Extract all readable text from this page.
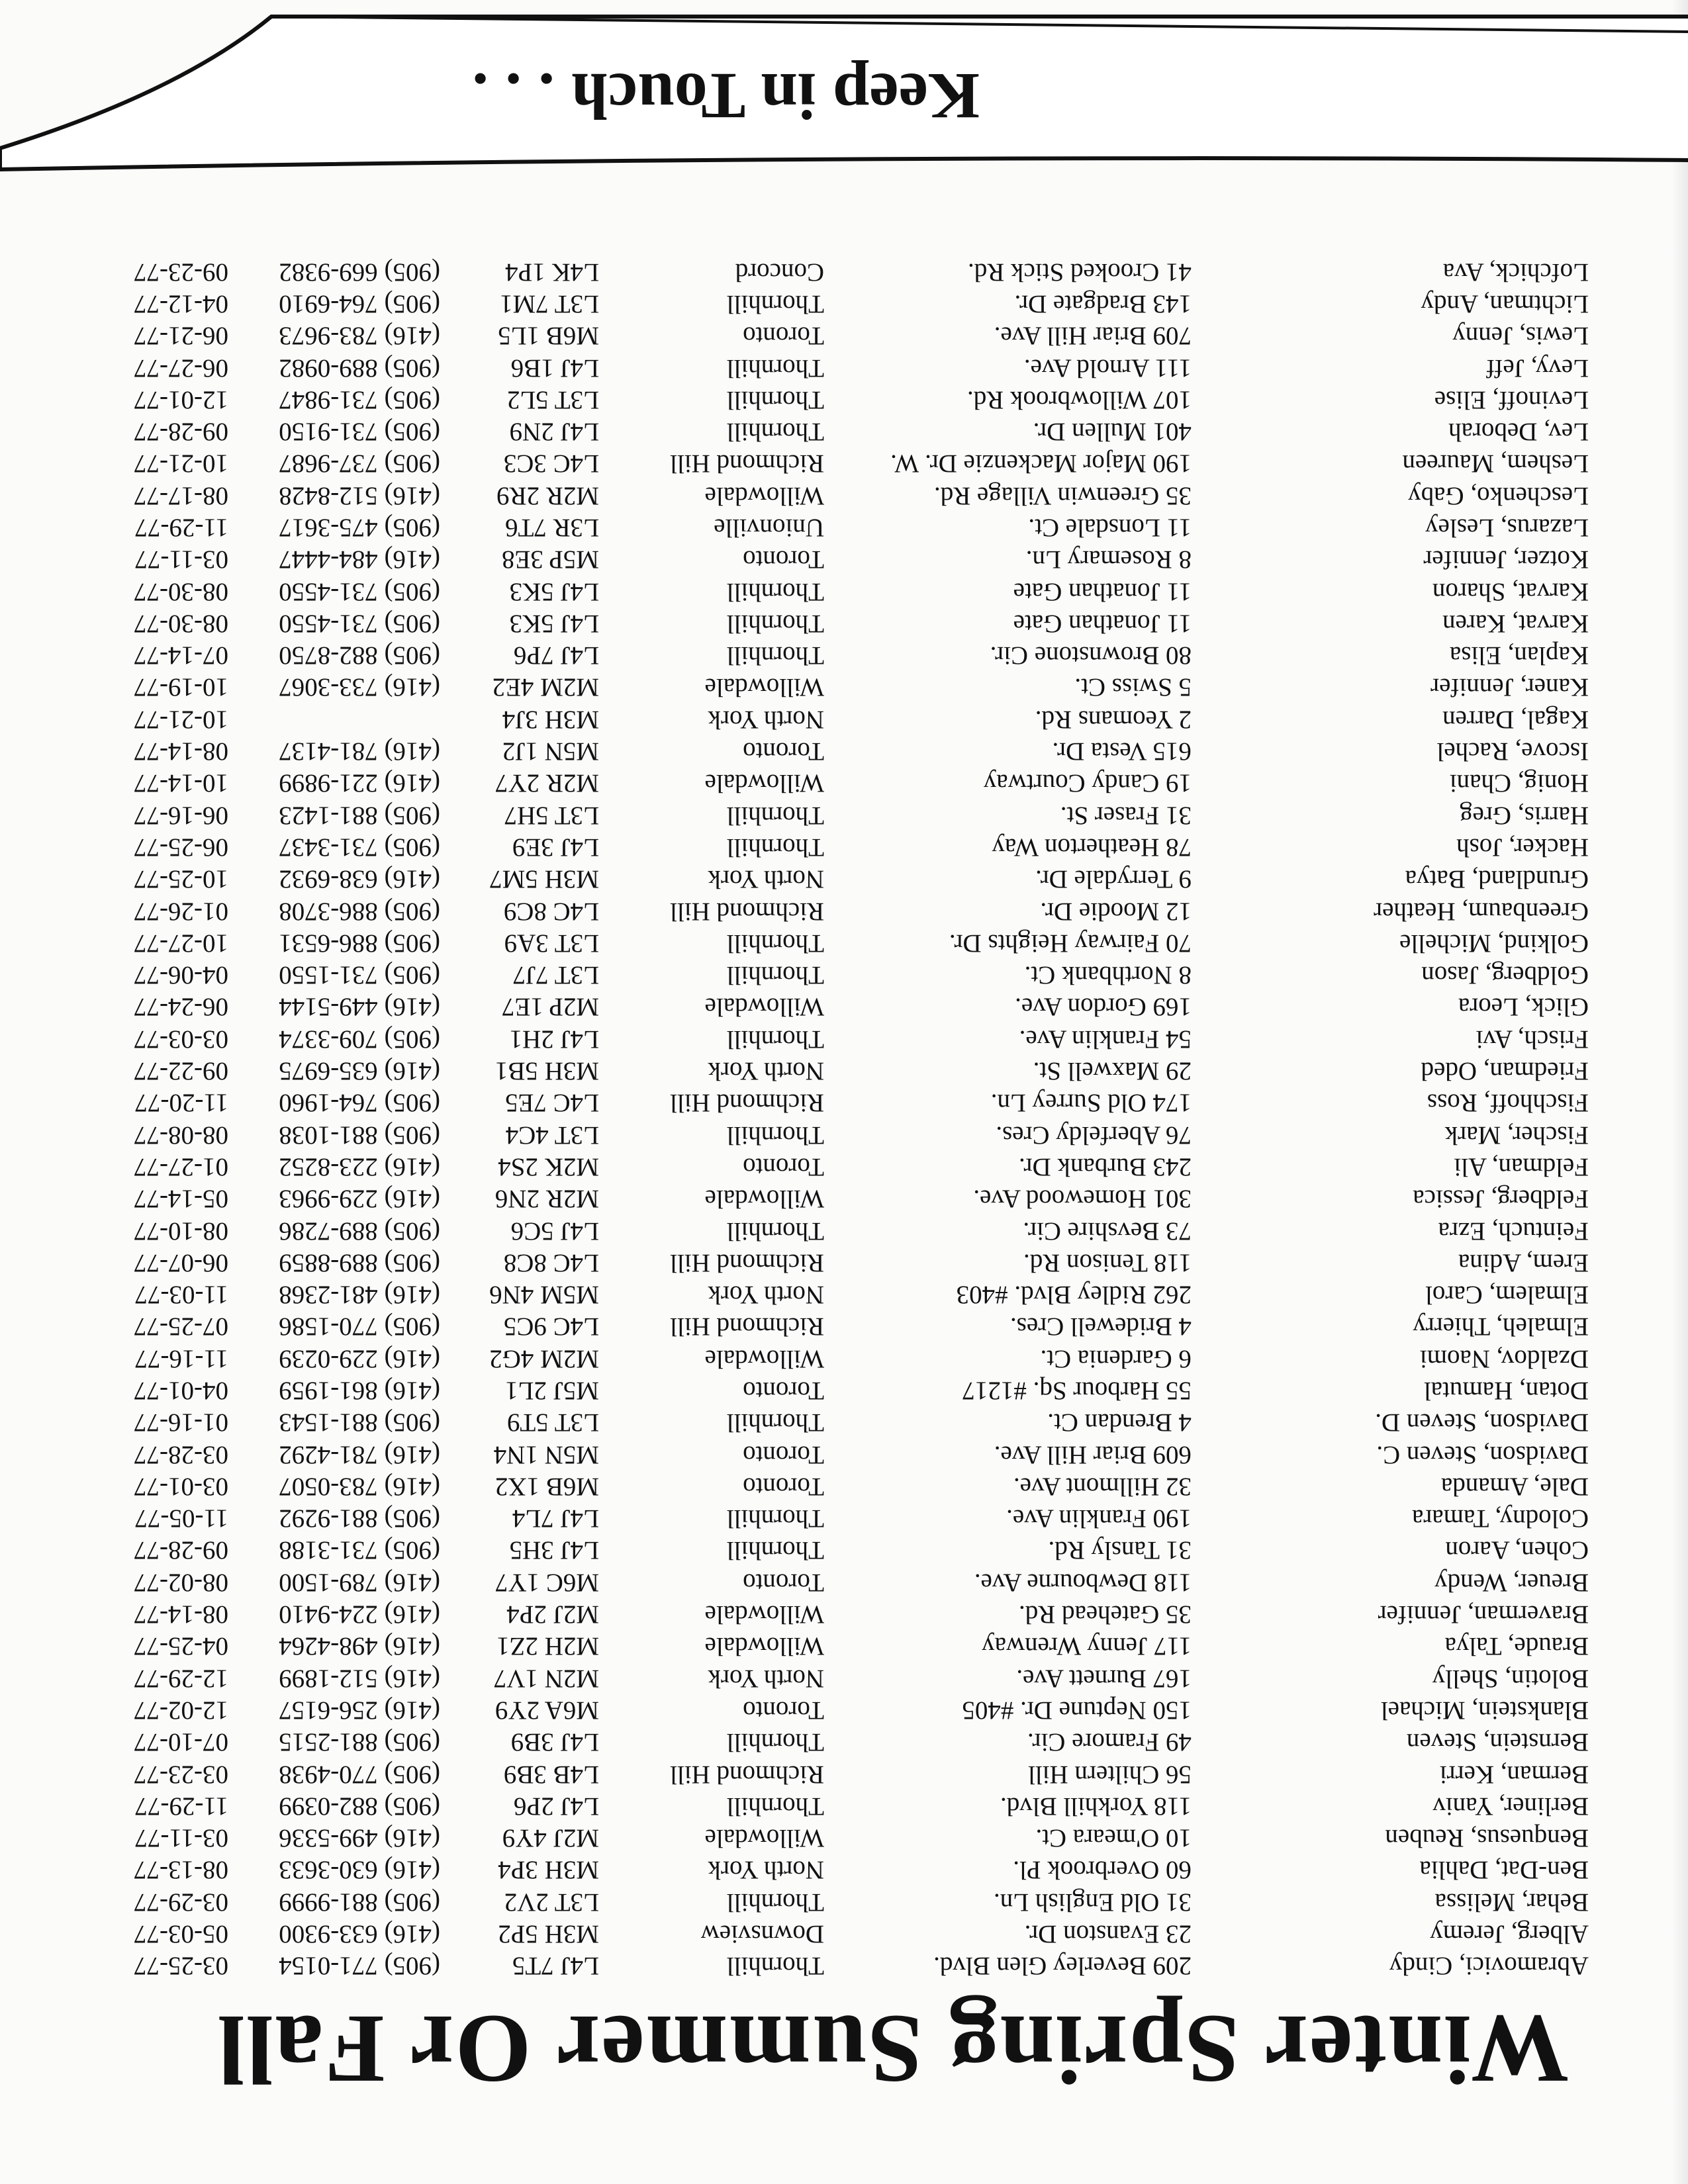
Winter Spring Summer Or Fall
Abramovici, Cindy	209 Beverley Glen Blvd.	Thornhill	L4J 7T5	(905) 771-0154	03-25-77
Alberg, Jeremy	23 Evanston Dr.	Downsview	M3H 5P2	(416) 633-9300	05-03-77
Behar, Melissa	31 Old English Ln.	Thornhill	L3T 2V2	(905) 881-9999	03-29-77
Ben-Dat, Dahlia	60 Overbrook Pl.	North York	M3H 3P4	(416) 630-3633	08-13-77
Benquesus, Reuben	10 O'meara Ct.	Willowdale	M2J 4Y9	(416) 499-5336	03-11-77
Berliner, Yaniv	118 Yorkhill Blvd.	Thornhill	L4J 2P6	(905) 882-0399	11-29-77
Berman, Kerri	56 Chiltern Hill	Richmond Hill	L4B 3B9	(905) 770-4938	03-23-77
Bernstein, Steven	49 Framore Cir.	Thornhill	L4J 3B9	(905) 881-2515	07-10-77
Blankstein, Michael	150 Neptune Dr. #405	Toronto	M6A 2Y9	(416) 256-6157	12-02-77
Bolotin, Shelly	167 Burnett Ave.	North York	M2N 1V7	(416) 512-1899	12-29-77
Braude, Talya	117 Jenny Wrenway	Willowdale	M2H 2Z1	(416) 498-4264	04-25-77
Braverman, Jennifer	35 Gatehead Rd.	Willowdale	M2J 2P4	(416) 224-9410	08-14-77
Breuer, Wendy	118 Dewbourne Ave.	Toronto	M6C 1Y7	(416) 789-1500	08-02-77
Cohen, Aaron	31 Tansly Rd.	Thornhill	L4J 3H5	(905) 731-3188	09-28-77
Colodny, Tamara	190 Franklin Ave.	Thornhill	L4J 7L4	(905) 881-9292	11-05-77
Dale, Amanda	32 Hillmont Ave.	Toronto	M6B 1X2	(416) 783-0507	03-01-77
Davidson, Steven C.	609 Briar Hill Ave.	Toronto	M5N 1N4	(416) 781-4292	03-28-77
Davidson, Steven D.	4 Brendan Ct.	Thornhill	L3T 5T9	(905) 881-1543	01-16-77
Dotan, Hamutal	55 Harbour Sq. #1217	Toronto	M5J 2L1	(416) 861-1959	04-01-77
Dzaldov, Naomi	6 Gardenia Ct.	Willowdale	M2M 4G2	(416) 229-0239	11-16-77
Elmaleh, Thierry	4 Bridewell Cres.	Richmond Hill	L4C 9C5	(905) 770-1586	07-25-77
Elmalem, Carol	262 Ridley Blvd. #403	North York	M5M 4N6	(416) 481-2368	11-03-77
Erem, Adina	118 Tenison Rd.	Richmond Hill	L4C 8C8	(905) 889-8859	06-07-77
Feintuch, Ezra	73 Bevshire Cir.	Thornhill	L4J 5C6	(905) 889-7286	08-10-77
Feldberg, Jessica	301 Homewood Ave.	Willowdale	M2R 2N6	(416) 229-9963	05-14-77
Feldman, Ali	243 Burbank Dr.	Toronto	M2K 2S4	(416) 223-8252	01-27-77
Fischer, Mark	76 Aberfeldy Cres.	Thornhill	L3T 4C4	(905) 881-1038	08-08-77
Fischhoff, Ross	174 Old Surrey Ln.	Richmond Hill	L4C 7E5	(905) 764-1960	11-20-77
Friedman, Oded	29 Maxwell St.	North York	M3H 5B1	(416) 635-6975	09-22-77
Frisch, Avi	54 Franklin Ave.	Thornhill	L4J 2H1	(905) 709-3374	03-03-77
Glick, Leora	169 Gordon Ave.	Willowdale	M2P 1E7	(416) 449-5144	06-24-77
Goldberg, Jason	8 Northbank Ct.	Thornhill	L3T 7J7	(905) 731-1550	04-06-77
Golkind, Michelle	70 Fairway Heights Dr.	Thornhill	L3T 3A9	(905) 886-6531	10-27-77
Greenbaum, Heather	12 Moodie Dr.	Richmond Hill	L4C 8C9	(905) 886-3708	01-26-77
Grundland, Batya	9 Terrydale Dr.	North York	M3H 5M7	(416) 638-6932	10-25-77
Hacker, Josh	78 Heatherton Way	Thornhill	L4J 3E9	(905) 731-3437	06-25-77
Harris, Greg	31 Fraser St.	Thornhill	L3T 5H7	(905) 881-1423	06-16-77
Honig, Chani	19 Candy Courtway	Willowdale	M2R 2Y7	(416) 221-9899	10-14-77
Iscove, Rachel	615 Vesta Dr.	Toronto	M5N 1J2	(416) 781-4137	08-14-77
Kagal, Darren	2 Yeomans Rd.	North York	M3H 3J4		10-21-77
Kaner, Jennifer	5 Swiss Ct.	Willowdale	M2M 4E2	(416) 733-3067	10-19-77
Kaplan, Elisa	80 Brownstone Cir.	Thornhill	L4J 7P6	(905) 882-8750	07-14-77
Karvat, Karen	11 Jonathan Gate	Thornhill	L4J 5K3	(905) 731-4550	08-30-77
Karvat, Sharon	11 Jonathan Gate	Thornhill	L4J 5K3	(905) 731-4550	08-30-77
Kotzer, Jennifer	8 Rosemary Ln.	Toronto	M5P 3E8	(416) 484-4447	03-11-77
Lazarus, Lesley	11 Lonsdale Ct.	Unionville	L3R 7T6	(905) 475-3617	11-29-77
Leschenko, Gaby	35 Greenwin Village Rd.	Willowdale	M2R 2R9	(416) 512-8428	08-17-77
Leshem, Maureen	190 Major Mackenzie Dr. W.	Richmond Hill	L4C 3C3	(905) 737-9687	10-21-77
Lev, Deborah	401 Mullen Dr.	Thornhill	L4J 2N9	(905) 731-9150	09-28-77
Levinoff, Elise	107 Willowbrook Rd.	Thornhill	L3T 5L2	(905) 731-9847	12-01-77
Levy, Jeff	111 Arnold Ave.	Thornhill	L4J 1B6	(905) 889-0982	06-27-77
Lewis, Jenny	709 Briar Hill Ave.	Toronto	M6B 1L5	(416) 783-9673	06-21-77
Lichtman, Andy	143 Bradgate Dr.	Thornhill	L3T 7M1	(905) 764-6910	04-12-77
Lofchick, Ava	41 Crooked Stick Rd.	Concord	L4K 1P4	(905) 669-9382	09-23-77
Keep in Touch . . .
